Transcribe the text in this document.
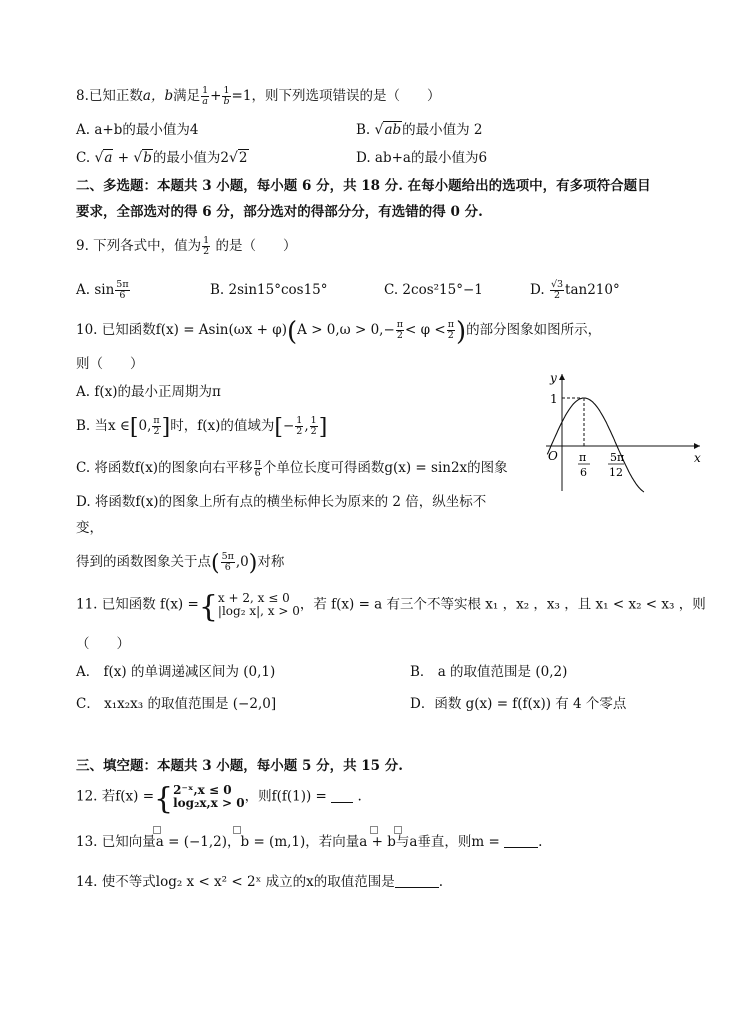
8.已知正数a，b满足 $\frac{1}{a} + \frac{1}{b} =1$，则下列选项错误的是（　　）
A. a+b的最小值为4	B. √ab的最小值为 2
C. √a + √b的最小值为2√2	D. ab+a的最小值为6
二、多选题：本题共 3 小题，每小题 6 分，共 18 分. 在每小题给出的选项中，有多项符合题目
要求，全部选对的得 6 分，部分选对的得部分分，有选错的得 0 分.
9. 下列各式中，值为 $\frac{1}{2}$ 的是（　　）
A. $\sin \frac{5\pi}{6}$	B. 2sin15°cos15°	C. 2cos²15°−1	D. $\frac{√3}{2} \tan 210^\circ$
10. 已知函数$f(x) = Asin(\omega x + \varphi)(A > 0,\omega > 0,- \frac{\pi}{2} < \varphi < \frac{\pi}{2}$ )的部分图象如图所示，
则（　　）
A. f(x)的最小正周期为π
B. 当x ∈[0, $\frac{\pi}{2}$ ]时，f(x)的值域为[− $\frac{1}{2}$ , $\frac{1}{2}$ ]
C. 将函数f(x)的图象向右平移 $\frac{\pi}{6}$ 个单位长度可得函数g(x) = sin2x的图象
D. 将函数f(x)的图象上所有点的横坐标伸长为原来的 2 倍，纵坐标不
变，
得到的函数图象关于点( $\frac{5\pi}{6} ,0$)对称
y
x
O
1
π
6
5π
12
11. 已知函数 f(x) ={ x + 2, x ≤ 0
|log₂ x|, x > 0 ，若 f(x) = a 有三个不等实根 x₁ ，x₂ ，x₃ ，且 x₁ < x₂ < x₃ ，则
（　　）
A． f(x) 的单调递减区间为 (0,1)	B． a 的取值范围是 (0,2)
C． x₁x₂x₃ 的取值范围是 (−2,0]	D．函数 g(x) = f(f(x)) 有 4 个零点
三、填空题：本题共 3 小题，每小题 5 分，共 15 分.
12. 若f(x) ={ 2⁻ˣ,x ≤ 0
log₂x,x > 0 ，则f(f(1)) = .
13. 已知向量a = (−1,2)，b = (m,1)，若向量a + b与a垂直，则m =	.
14. 使不等式log₂ x < x² < 2ˣ 成立的x的取值范围是	.
